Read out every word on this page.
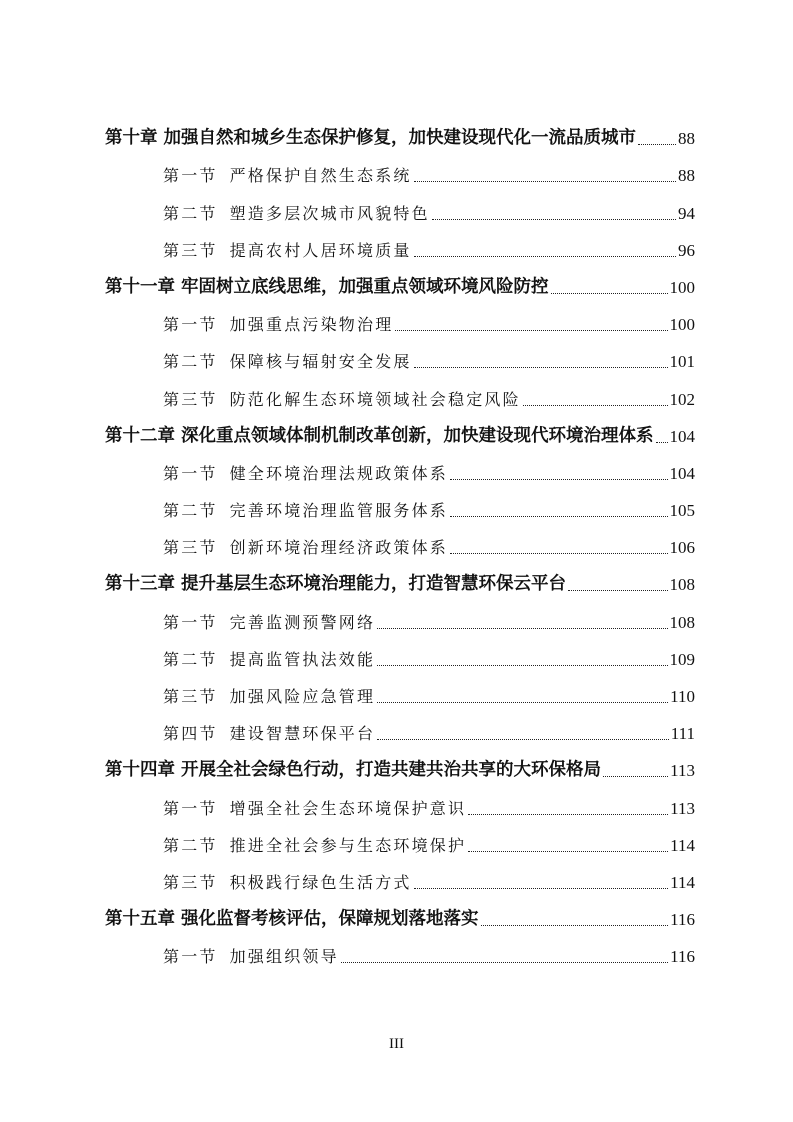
第十章 加强自然和城乡生态保护修复，加快建设现代化一流品质城市 88
第一节 严格保护自然生态系统	88
第二节 塑造多层次城市风貌特色	94
第三节 提高农村人居环境质量	96
第十一章 牢固树立底线思维，加强重点领域环境风险防控	100
第一节 加强重点污染物治理	100
第二节 保障核与辐射安全发展	101
第三节 防范化解生态环境领域社会稳定风险	102
第十二章 深化重点领域体制机制改革创新，加快建设现代环境治理体系 104
第一节 健全环境治理法规政策体系	104
第二节 完善环境治理监管服务体系	105
第三节 创新环境治理经济政策体系	106
第十三章 提升基层生态环境治理能力，打造智慧环保云平台	108
第一节 完善监测预警网络	108
第二节 提高监管执法效能	109
第三节 加强风险应急管理	110
第四节 建设智慧环保平台	111
第十四章 开展全社会绿色行动，打造共建共治共享的大环保格局	113
第一节 增强全社会生态环境保护意识	113
第二节 推进全社会参与生态环境保护	114
第三节 积极践行绿色生活方式	114
第十五章 强化监督考核评估，保障规划落地落实	116
第一节 加强组织领导	116
III
